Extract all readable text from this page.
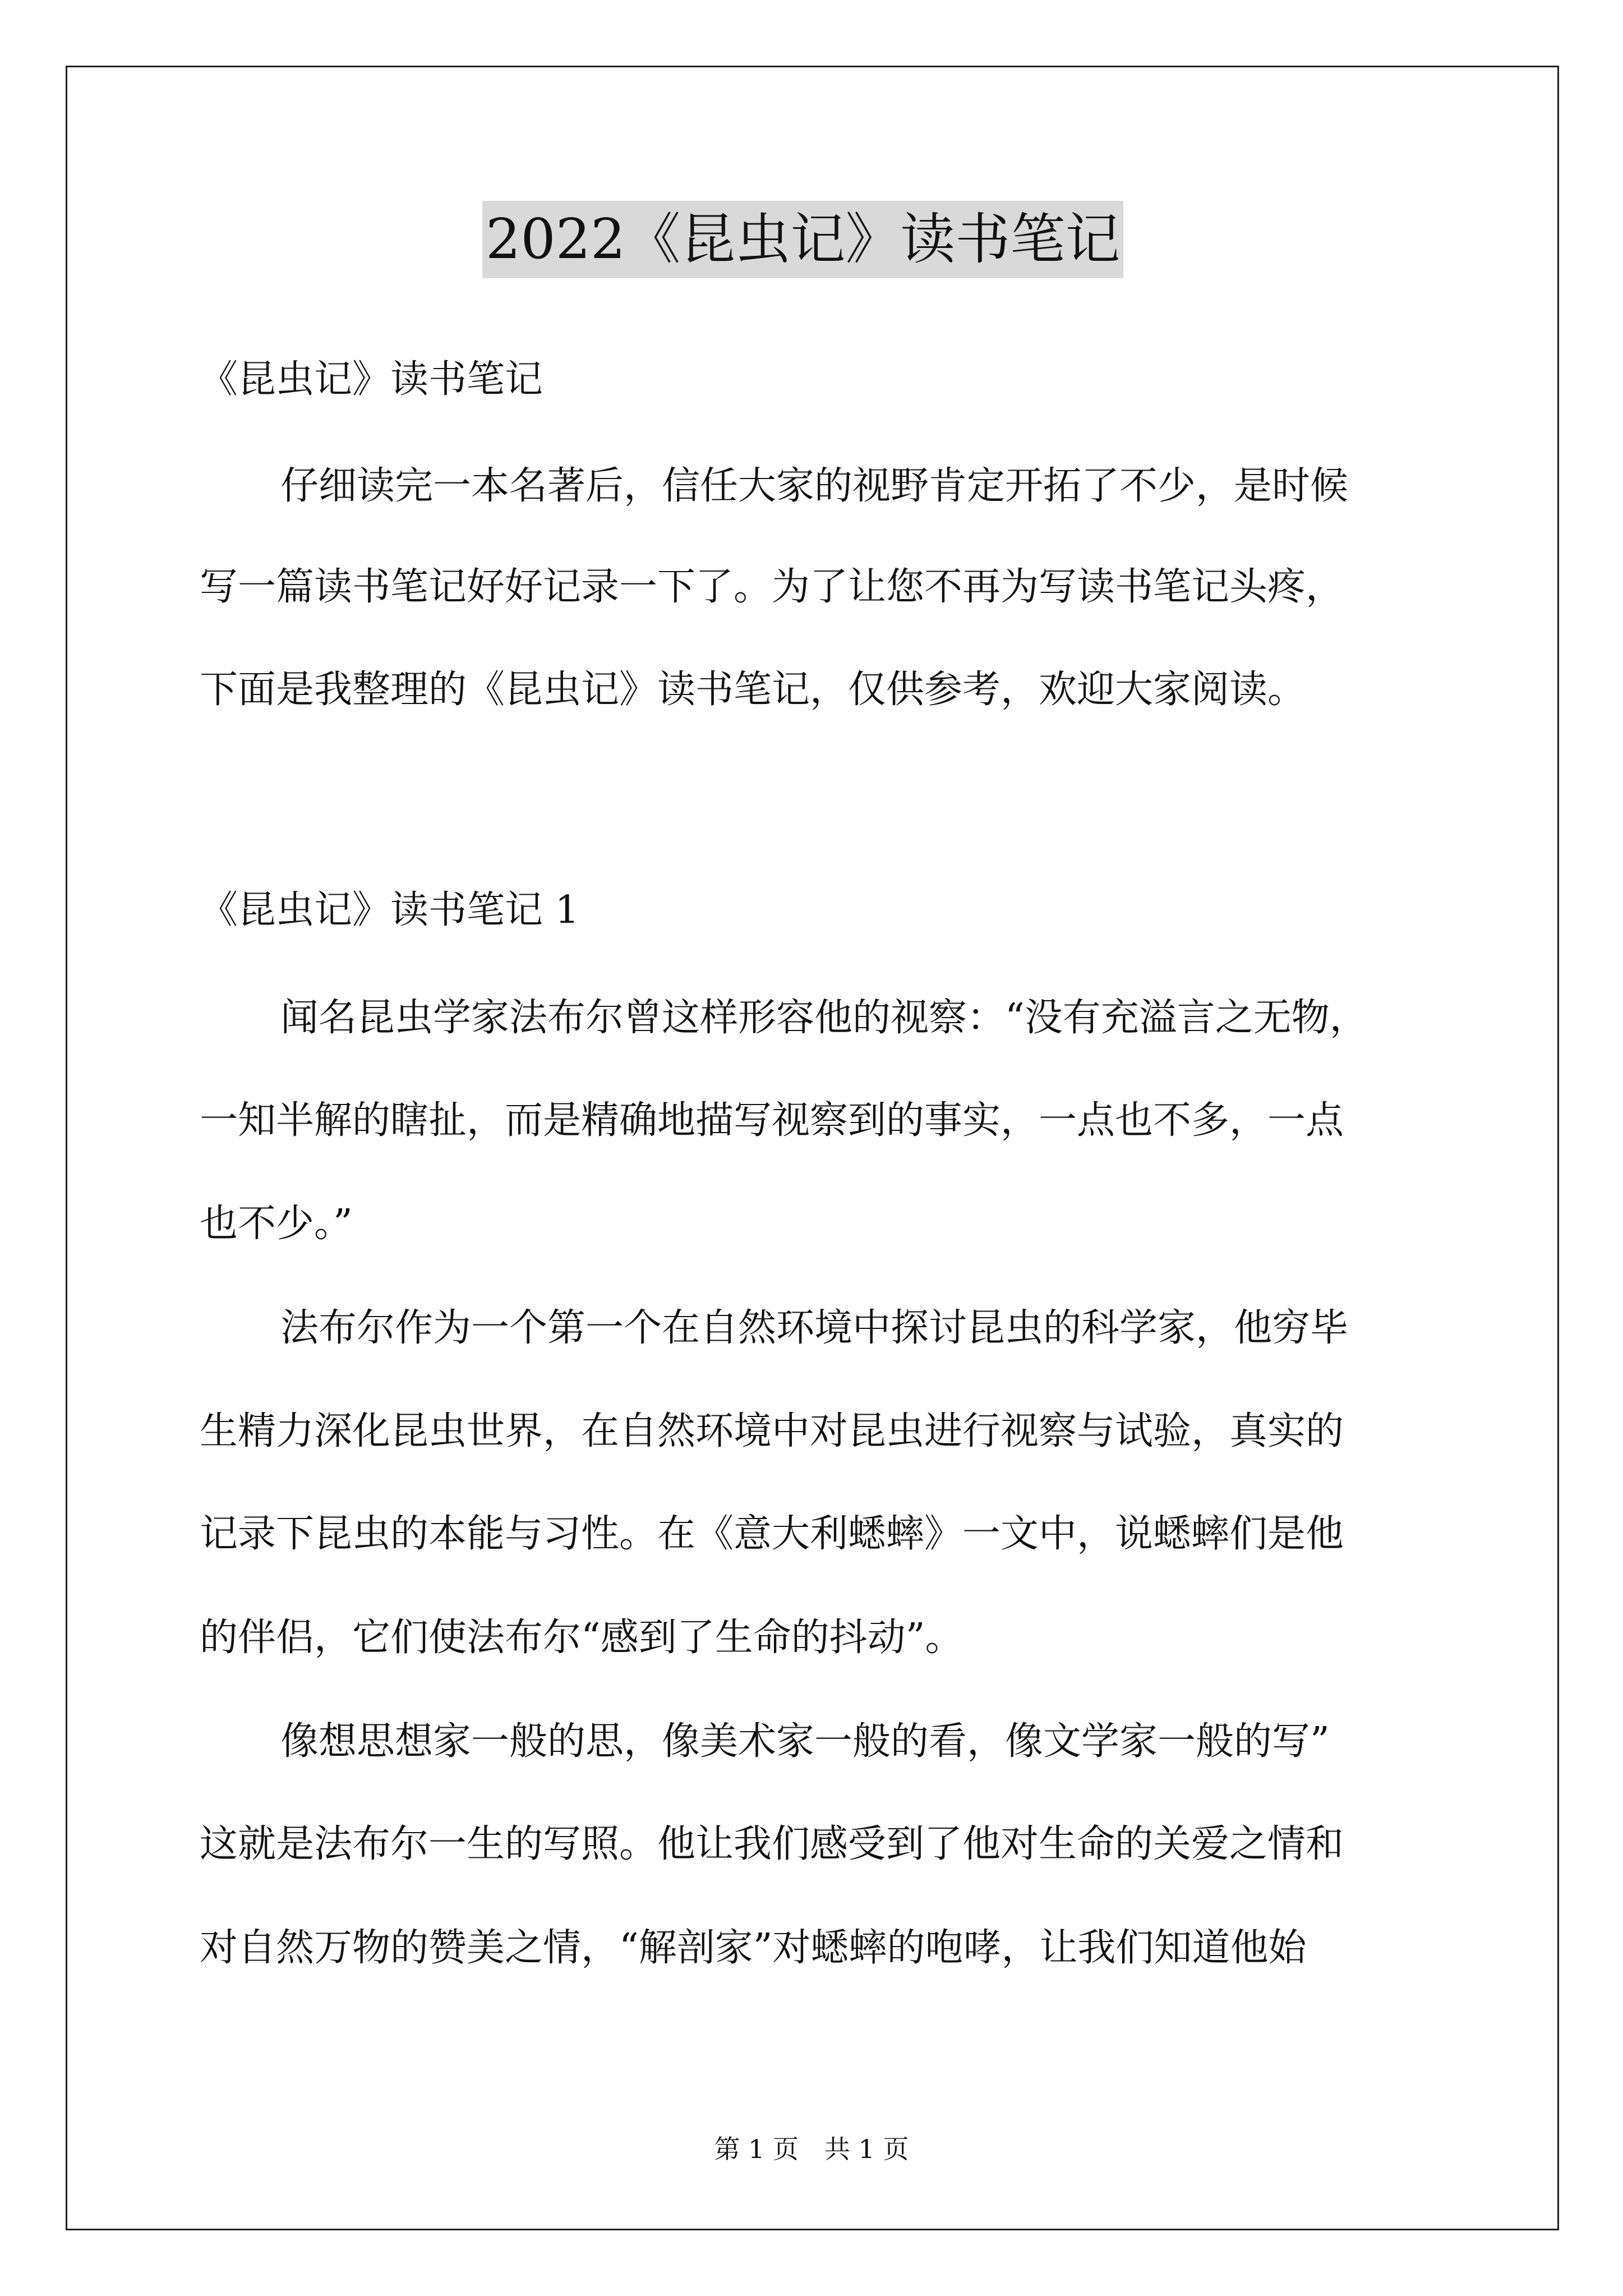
2022《昆虫记》读书笔记
《昆虫记》读书笔记
仔细读完一本名著后，信任大家的视野肯定开拓了不少，是时候
写一篇读书笔记好好记录一下了。为了让您不再为写读书笔记头疼，
下面是我整理的《昆虫记》读书笔记，仅供参考，欢迎大家阅读。
《昆虫记》读书笔记 1
闻名昆虫学家法布尔曾这样形容他的视察：“没有充溢言之无物，
一知半解的瞎扯，而是精确地描写视察到的事实，一点也不多，一点
也不少。”
法布尔作为一个第一个在自然环境中探讨昆虫的科学家，他穷毕
生精力深化昆虫世界，在自然环境中对昆虫进行视察与试验，真实的
记录下昆虫的本能与习性。在《意大利蟋蟀》一文中，说蟋蟀们是他
的伴侣，它们使法布尔“感到了生命的抖动”。
像想思想家一般的思，像美术家一般的看，像文学家一般的写”
这就是法布尔一生的写照。他让我们感受到了他对生命的关爱之情和
对自然万物的赞美之情，“解剖家”对蟋蟀的咆哮，让我们知道他始
第 1 页　共 1 页
